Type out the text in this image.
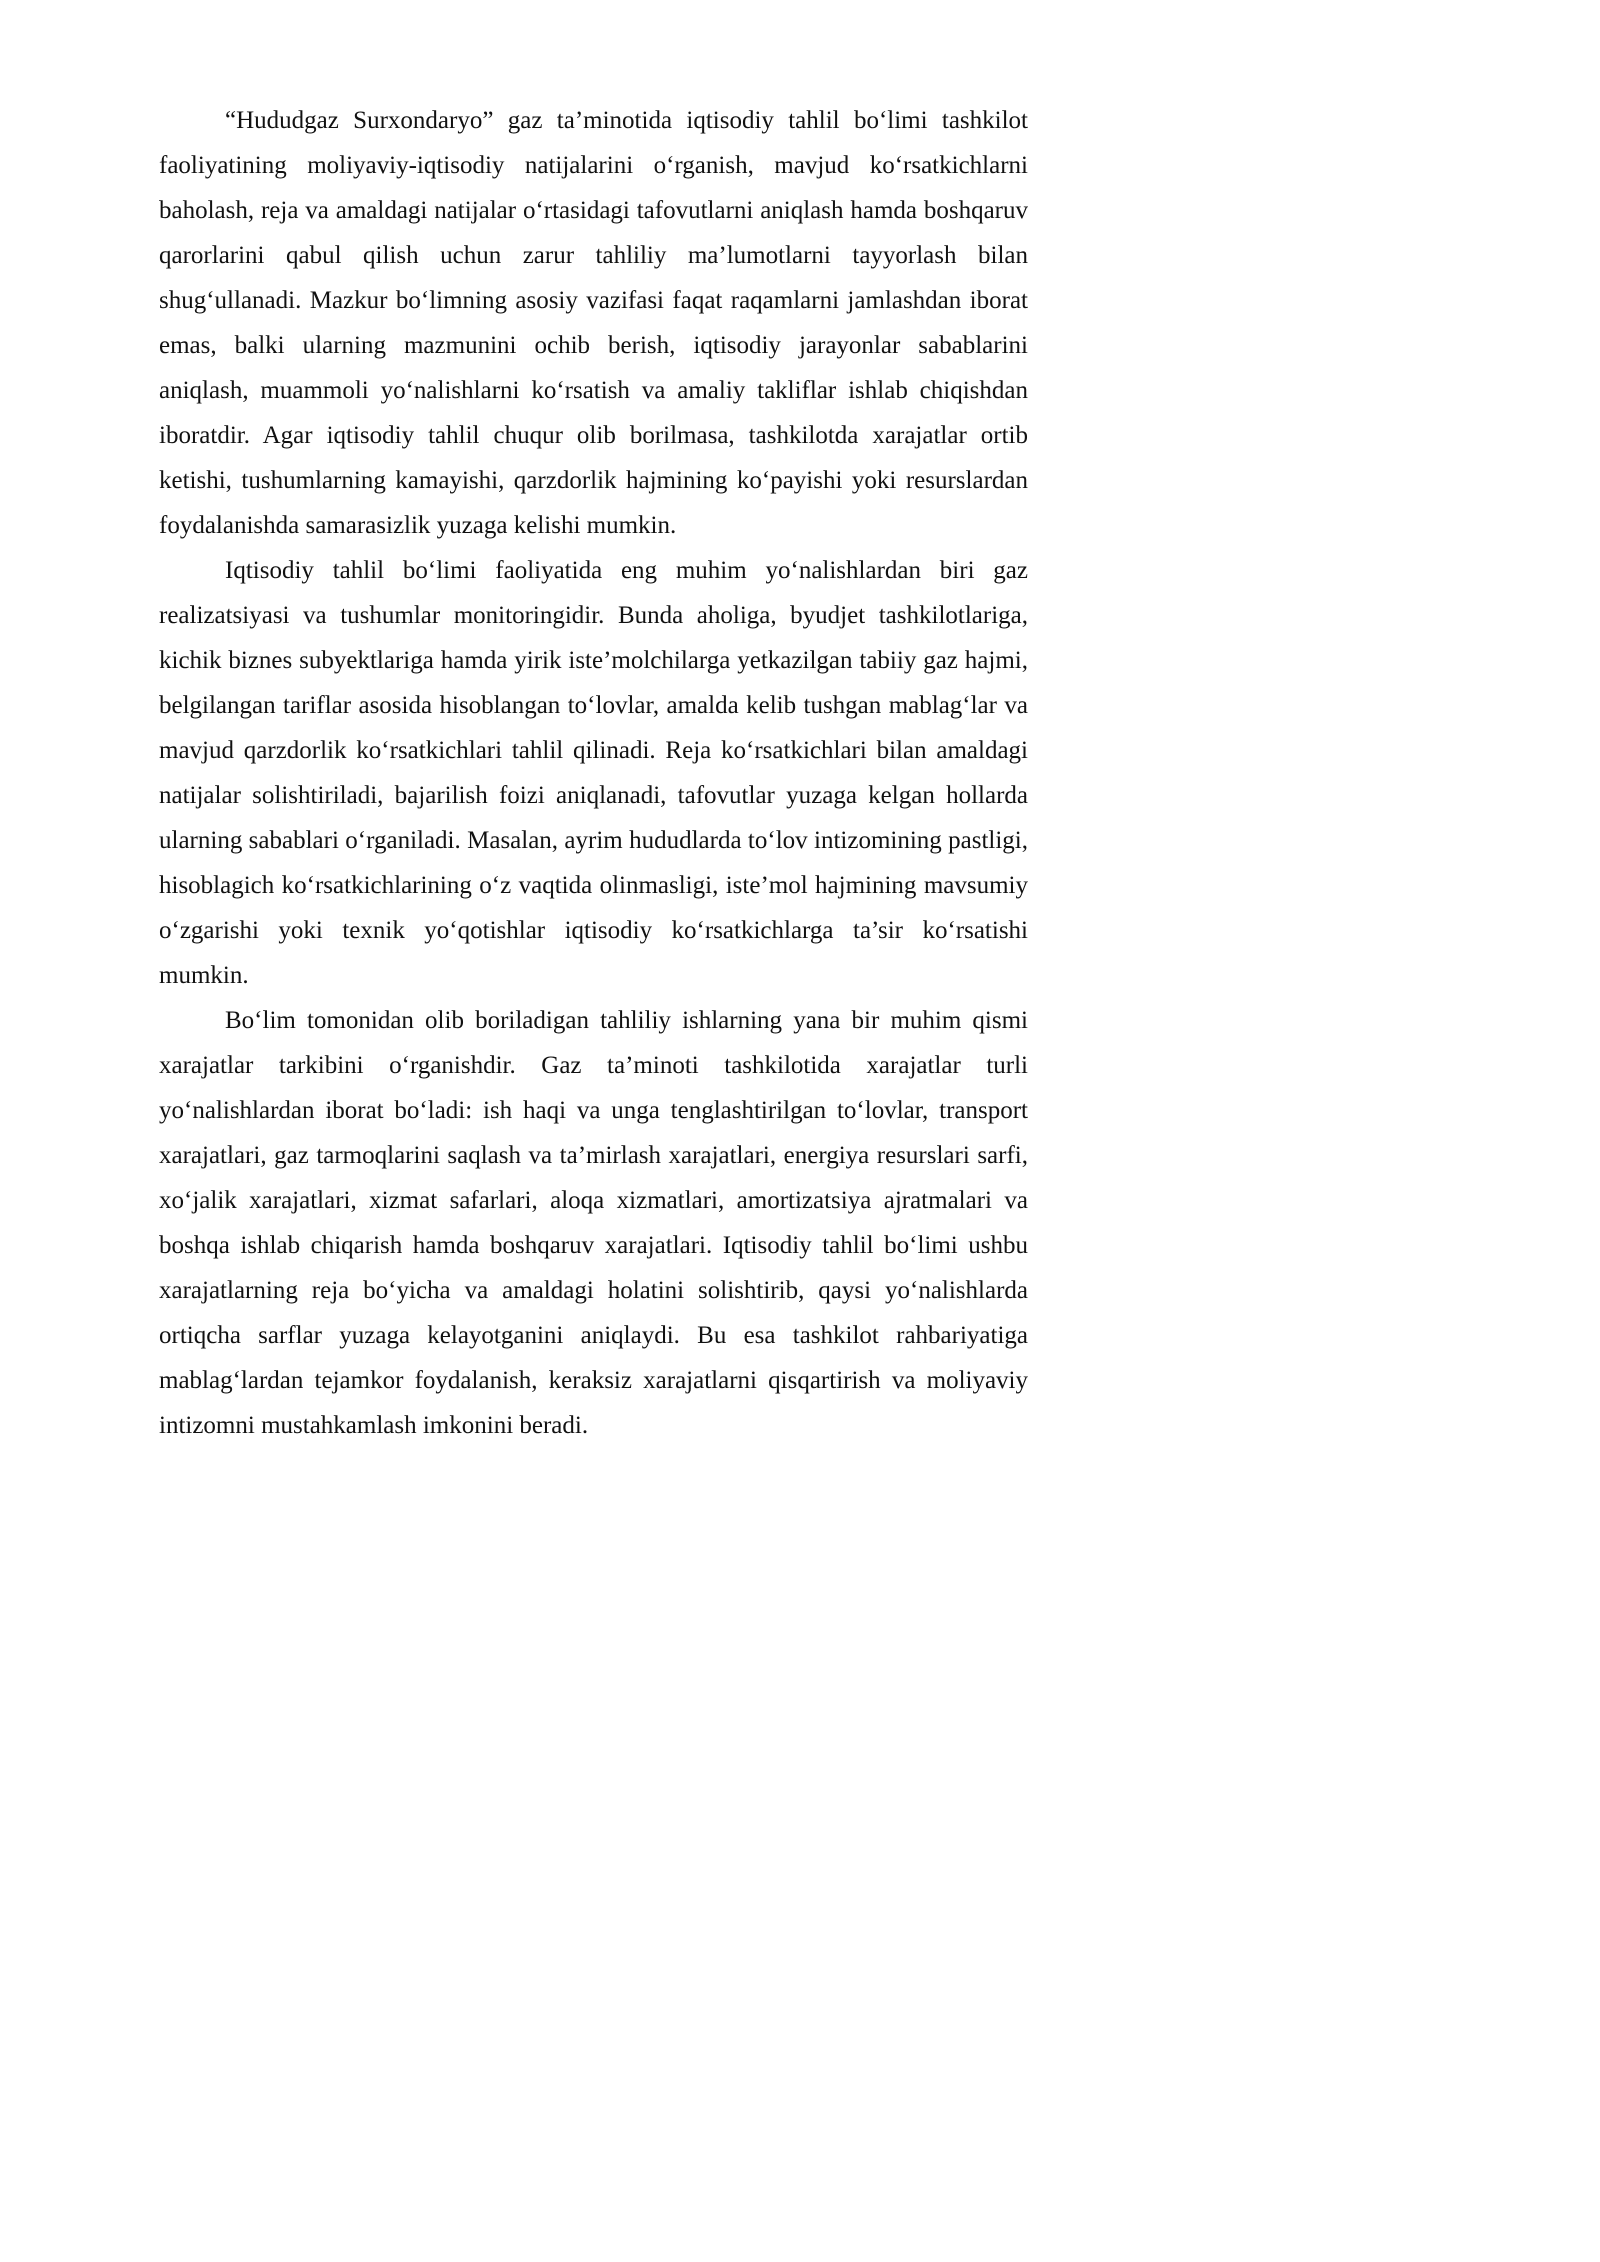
“Hududgaz Surxondaryo” gaz ta’minotida iqtisodiy tahlil bo‘limi tashkilot faoliyatining moliyaviy-iqtisodiy natijalarini o‘rganish, mavjud ko‘rsatkichlarni baholash, reja va amaldagi natijalar o‘rtasidagi tafovutlarni aniqlash hamda boshqaruv qarorlarini qabul qilish uchun zarur tahliliy ma’lumotlarni tayyorlash bilan shug‘ullanadi. Mazkur bo‘limning asosiy vazifasi faqat raqamlarni jamlashdan iborat emas, balki ularning mazmunini ochib berish, iqtisodiy jarayonlar sabablarini aniqlash, muammoli yo‘nalishlarni ko‘rsatish va amaliy takliflar ishlab chiqishdan iboratdir. Agar iqtisodiy tahlil chuqur olib borilmasa, tashkilotda xarajatlar ortib ketishi, tushumlarning kamayishi, qarzdorlik hajmining ko‘payishi yoki resurslardan foydalanishda samarasizlik yuzaga kelishi mumkin.

Iqtisodiy tahlil bo‘limi faoliyatida eng muhim yo‘nalishlardan biri gaz realizatsiyasi va tushumlar monitoringidir. Bunda aholiga, byudjet tashkilotlariga, kichik biznes subyektlariga hamda yirik iste’molchilarga yetkazilgan tabiiy gaz hajmi, belgilangan tariflar asosida hisoblangan to‘lovlar, amalda kelib tushgan mablag‘lar va mavjud qarzdorlik ko‘rsatkichlari tahlil qilinadi. Reja ko‘rsatkichlari bilan amaldagi natijalar solishtiriladi, bajarilish foizi aniqlanadi, tafovutlar yuzaga kelgan hollarda ularning sabablari o‘rganiladi. Masalan, ayrim hududlarda to‘lov intizomining pastligi, hisoblagich ko‘rsatkichlarining o‘z vaqtida olinmasligi, iste’mol hajmining mavsumiy o‘zgarishi yoki texnik yo‘qotishlar iqtisodiy ko‘rsatkichlarga ta’sir ko‘rsatishi mumkin.

Bo‘lim tomonidan olib boriladigan tahliliy ishlarning yana bir muhim qismi xarajatlar tarkibini o‘rganishdir. Gaz ta’minoti tashkilotida xarajatlar turli yo‘nalishlardan iborat bo‘ladi: ish haqi va unga tenglashtirilgan to‘lovlar, transport xarajatlari, gaz tarmoqlarini saqlash va ta’mirlash xarajatlari, energiya resurslari sarfi, xo‘jalik xarajatlari, xizmat safarlari, aloqa xizmatlari, amortizatsiya ajratmalari va boshqa ishlab chiqarish hamda boshqaruv xarajatlari. Iqtisodiy tahlil bo‘limi ushbu xarajatlarning reja bo‘yicha va amaldagi holatini solishtirib, qaysi yo‘nalishlarda ortiqcha sarflar yuzaga kelayotganini aniqlaydi. Bu esa tashkilot rahbariyatiga mablag‘lardan tejamkor foydalanish, keraksiz xarajatlarni qisqartirish va moliyaviy intizomni mustahkamlash imkonini beradi.
